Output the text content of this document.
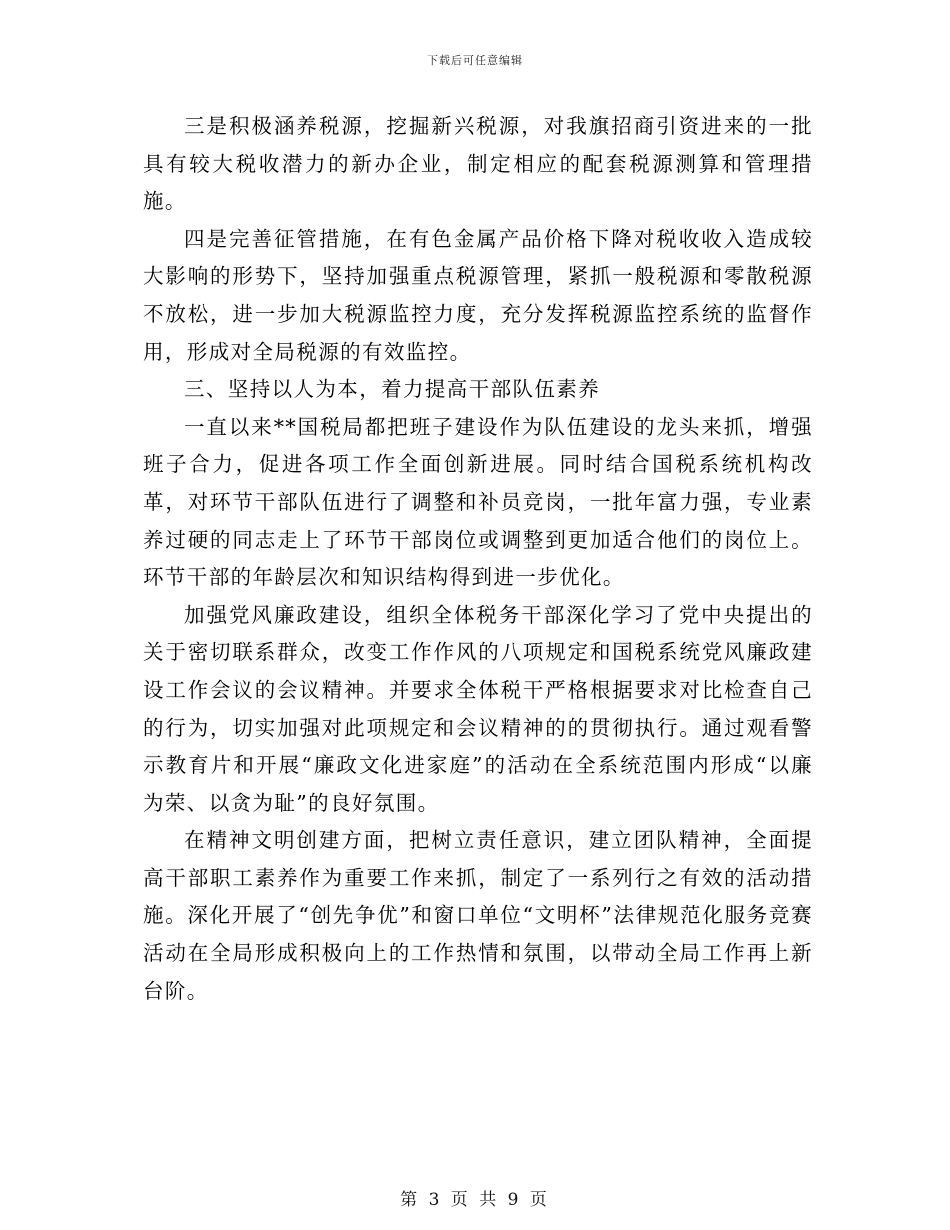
下载后可任意编辑

三是积极涵养税源，挖掘新兴税源，对我旗招商引资进来的一批具有较大税收潜力的新办企业，制定相应的配套税源测算和管理措施。

四是完善征管措施，在有色金属产品价格下降对税收收入造成较大影响的形势下，坚持加强重点税源管理，紧抓一般税源和零散税源不放松，进一步加大税源监控力度，充分发挥税源监控系统的监督作用，形成对全局税源的有效监控。

三、坚持以人为本，着力提高干部队伍素养

一直以来**国税局都把班子建设作为队伍建设的龙头来抓，增强班子合力，促进各项工作全面创新进展。同时结合国税系统机构改革，对环节干部队伍进行了调整和补员竞岗，一批年富力强，专业素养过硬的同志走上了环节干部岗位或调整到更加适合他们的岗位上。环节干部的年龄层次和知识结构得到进一步优化。

加强党风廉政建设，组织全体税务干部深化学习了党中央提出的关于密切联系群众，改变工作作风的八项规定和国税系统党风廉政建设工作会议的会议精神。并要求全体税干严格根据要求对比检查自己的行为，切实加强对此项规定和会议精神的的贯彻执行。通过观看警示教育片和开展“廉政文化进家庭”的活动在全系统范围内形成“以廉为荣、以贪为耻”的良好氛围。

在精神文明创建方面，把树立责任意识，建立团队精神，全面提高干部职工素养作为重要工作来抓，制定了一系列行之有效的活动措施。深化开展了“创先争优”和窗口单位“文明杯”法律规范化服务竞赛活动在全局形成积极向上的工作热情和氛围，以带动全局工作再上新台阶。

第 3 页 共 9 页
